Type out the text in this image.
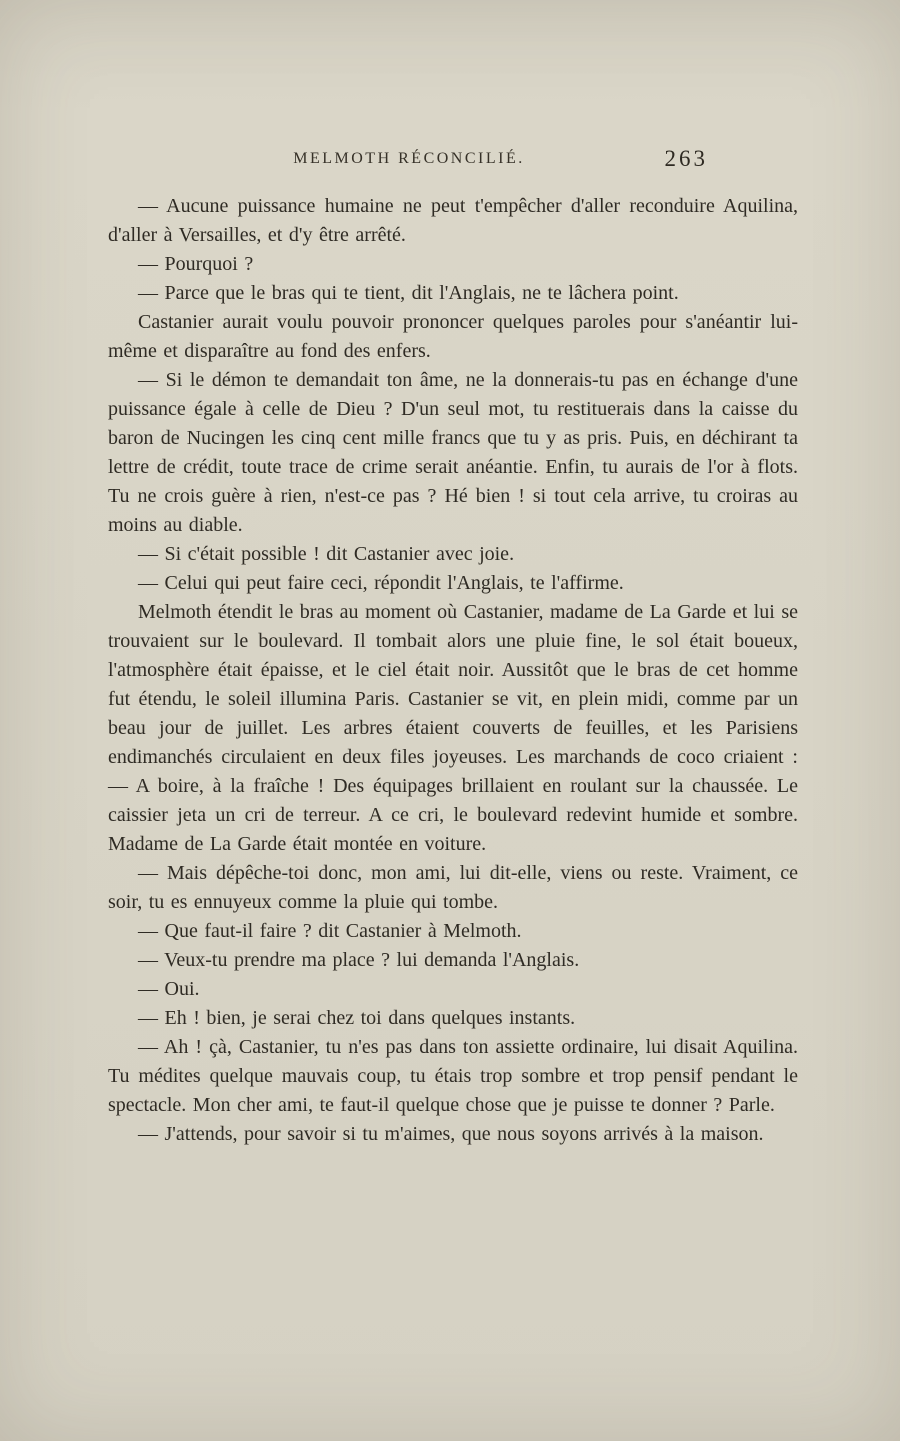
MELMOTH RÉCONCILIÉ.	263

— Aucune puissance humaine ne peut t'empêcher d'aller reconduire Aquilina, d'aller à Versailles, et d'y être arrêté.

— Pourquoi ?

— Parce que le bras qui te tient, dit l'Anglais, ne te lâchera point.

Castanier aurait voulu pouvoir prononcer quelques paroles pour s'anéantir lui-même et disparaître au fond des enfers.

— Si le démon te demandait ton âme, ne la donnerais-tu pas en échange d'une puissance égale à celle de Dieu ? D'un seul mot, tu restituerais dans la caisse du baron de Nucingen les cinq cent mille francs que tu y as pris. Puis, en déchirant ta lettre de crédit, toute trace de crime serait anéantie. Enfin, tu aurais de l'or à flots. Tu ne crois guère à rien, n'est-ce pas ? Hé bien ! si tout cela arrive, tu croiras au moins au diable.

— Si c'était possible ! dit Castanier avec joie.

— Celui qui peut faire ceci, répondit l'Anglais, te l'affirme.

Melmoth étendit le bras au moment où Castanier, madame de La Garde et lui se trouvaient sur le boulevard. Il tombait alors une pluie fine, le sol était boueux, l'atmosphère était épaisse, et le ciel était noir. Aussitôt que le bras de cet homme fut étendu, le soleil illumina Paris. Castanier se vit, en plein midi, comme par un beau jour de juillet. Les arbres étaient couverts de feuilles, et les Parisiens endimanchés circulaient en deux files joyeuses. Les marchands de coco criaient : — A boire, à la fraîche ! Des équipages brillaient en roulant sur la chaussée. Le caissier jeta un cri de terreur. A ce cri, le boulevard redevint humide et sombre. Madame de La Garde était montée en voiture.

— Mais dépêche-toi donc, mon ami, lui dit-elle, viens ou reste. Vraiment, ce soir, tu es ennuyeux comme la pluie qui tombe.

— Que faut-il faire ? dit Castanier à Melmoth.

— Veux-tu prendre ma place ? lui demanda l'Anglais.

— Oui.

— Eh ! bien, je serai chez toi dans quelques instants.

— Ah ! çà, Castanier, tu n'es pas dans ton assiette ordinaire, lui disait Aquilina. Tu médites quelque mauvais coup, tu étais trop sombre et trop pensif pendant le spectacle. Mon cher ami, te faut-il quelque chose que je puisse te donner ? Parle.

— J'attends, pour savoir si tu m'aimes, que nous soyons arrivés à la maison.
